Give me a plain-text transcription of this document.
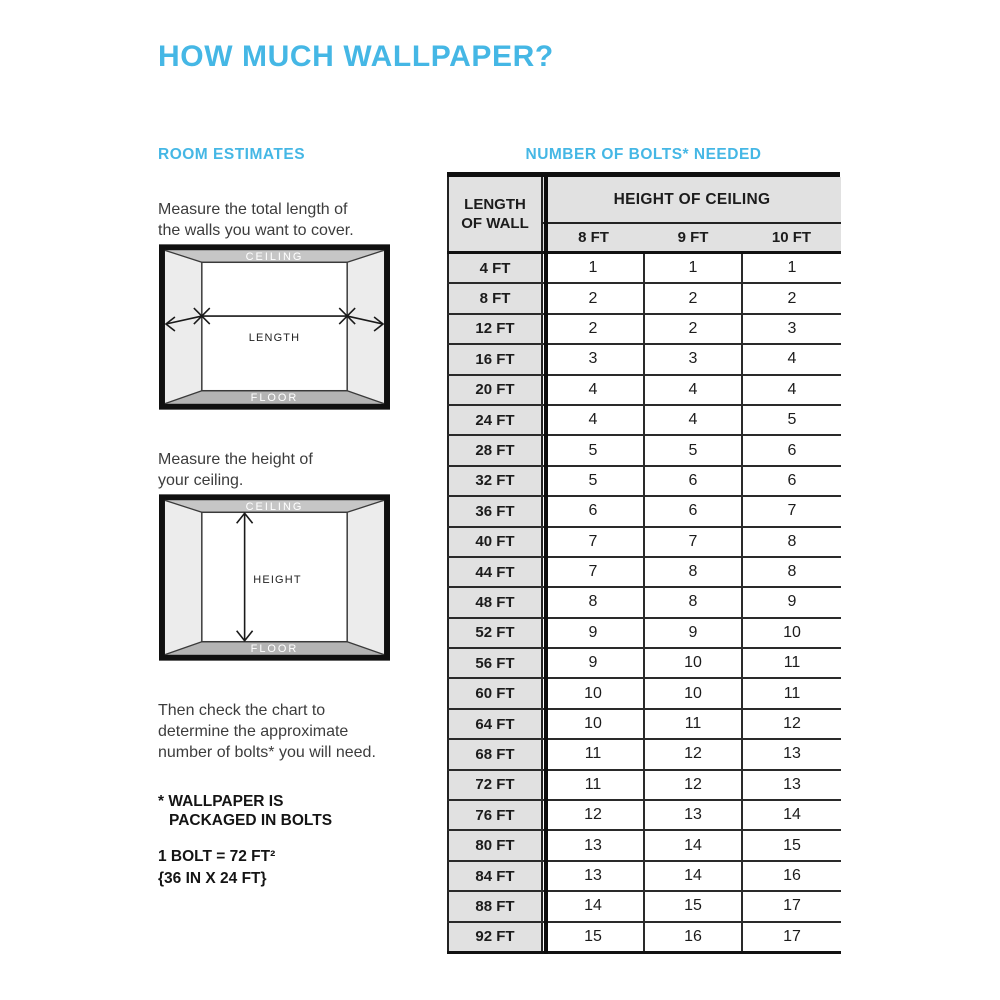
HOW MUCH WALLPAPER?
ROOM ESTIMATES

Measure the total length of
the walls you want to cover.

CEILING
LENGTH
FLOOR

Measure the height of
your ceiling.

CEILING
HEIGHT
FLOOR

Then check the chart to
determine the approximate
number of bolts* you will need.

* WALLPAPER IS
PACKAGED IN BOLTS
1 BOLT = 72 FT²
{36 IN X 24 FT}
NUMBER OF BOLTS* NEEDED
LENGTH
OF WALL	HEIGHT OF CEILING		
	8 FT	9 FT	10 FT
4 FT	1	1	1
8 FT	2	2	2
12 FT	2	2	3
16 FT	3	3	4
20 FT	4	4	4
24 FT	4	4	5
28 FT	5	5	6
32 FT	5	6	6
36 FT	6	6	7
40 FT	7	7	8
44 FT	7	8	8
48 FT	8	8	9
52 FT	9	9	10
56 FT	9	10	11
60 FT	10	10	11
64 FT	10	11	12
68 FT	11	12	13
72 FT	11	12	13
76 FT	12	13	14
80 FT	13	14	15
84 FT	13	14	16
88 FT	14	15	17
92 FT	15	16	17
